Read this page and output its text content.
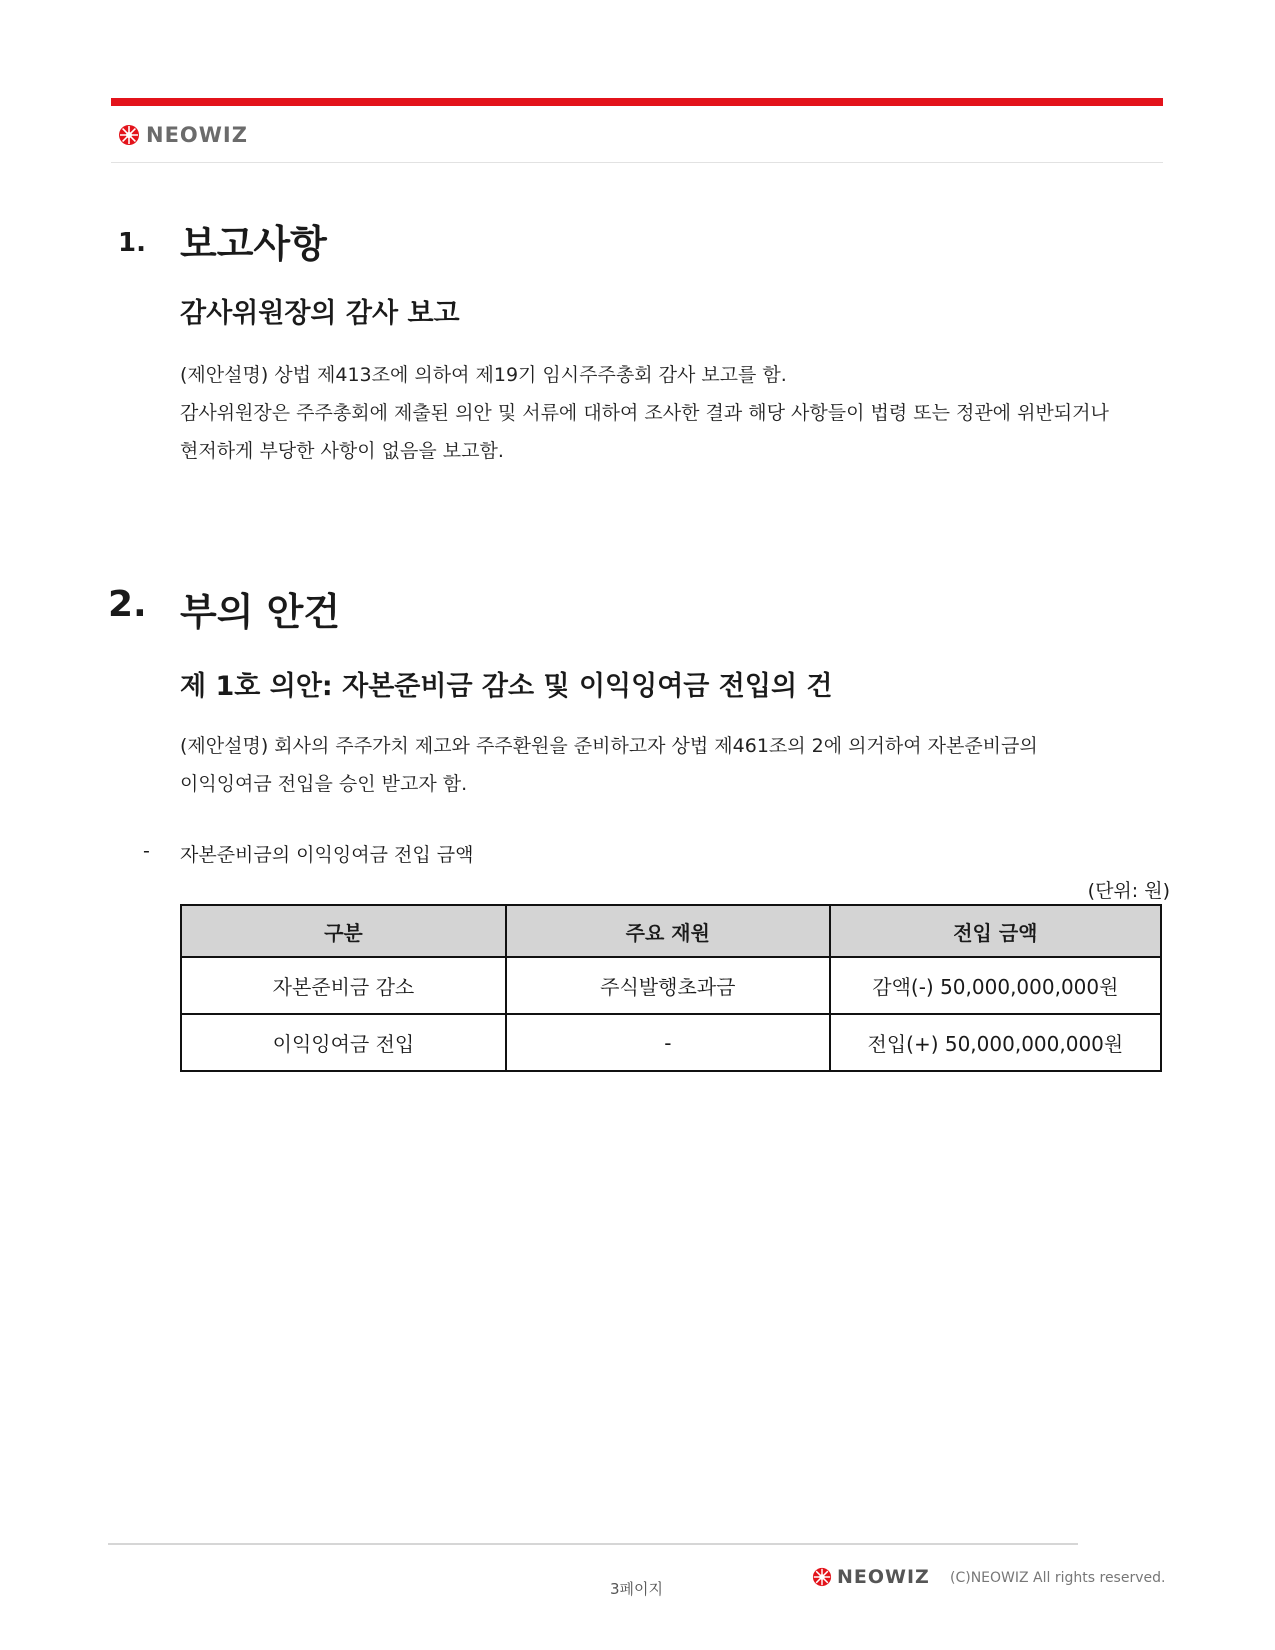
NEOWIZ
1. 보고사항
감사위원장의 감사 보고
(제안설명) 상법 제413조에 의하여 제19기 임시주주총회 감사 보고를 함.
감사위원장은 주주총회에 제출된 의안 및 서류에 대하여 조사한 결과 해당 사항들이 법령 또는 정관에 위반되거나
현저하게 부당한 사항이 없음을 보고함.
2. 부의 안건
제 1호 의안: 자본준비금 감소 및 이익잉여금 전입의 건
(제안설명) 회사의 주주가치 제고와 주주환원을 준비하고자 상법 제461조의 2에 의거하여 자본준비금의
이익잉여금 전입을 승인 받고자 함.
- 자본준비금의 이익잉여금 전입 금액
(단위: 원)
구분	주요 재원	전입 금액
자본준비금 감소	주식발행초과금	감액(-) 50,000,000,000원
이익잉여금 전입	-	전입(+) 50,000,000,000원
3페이지
NEOWIZ (C)NEOWIZ All rights reserved.
